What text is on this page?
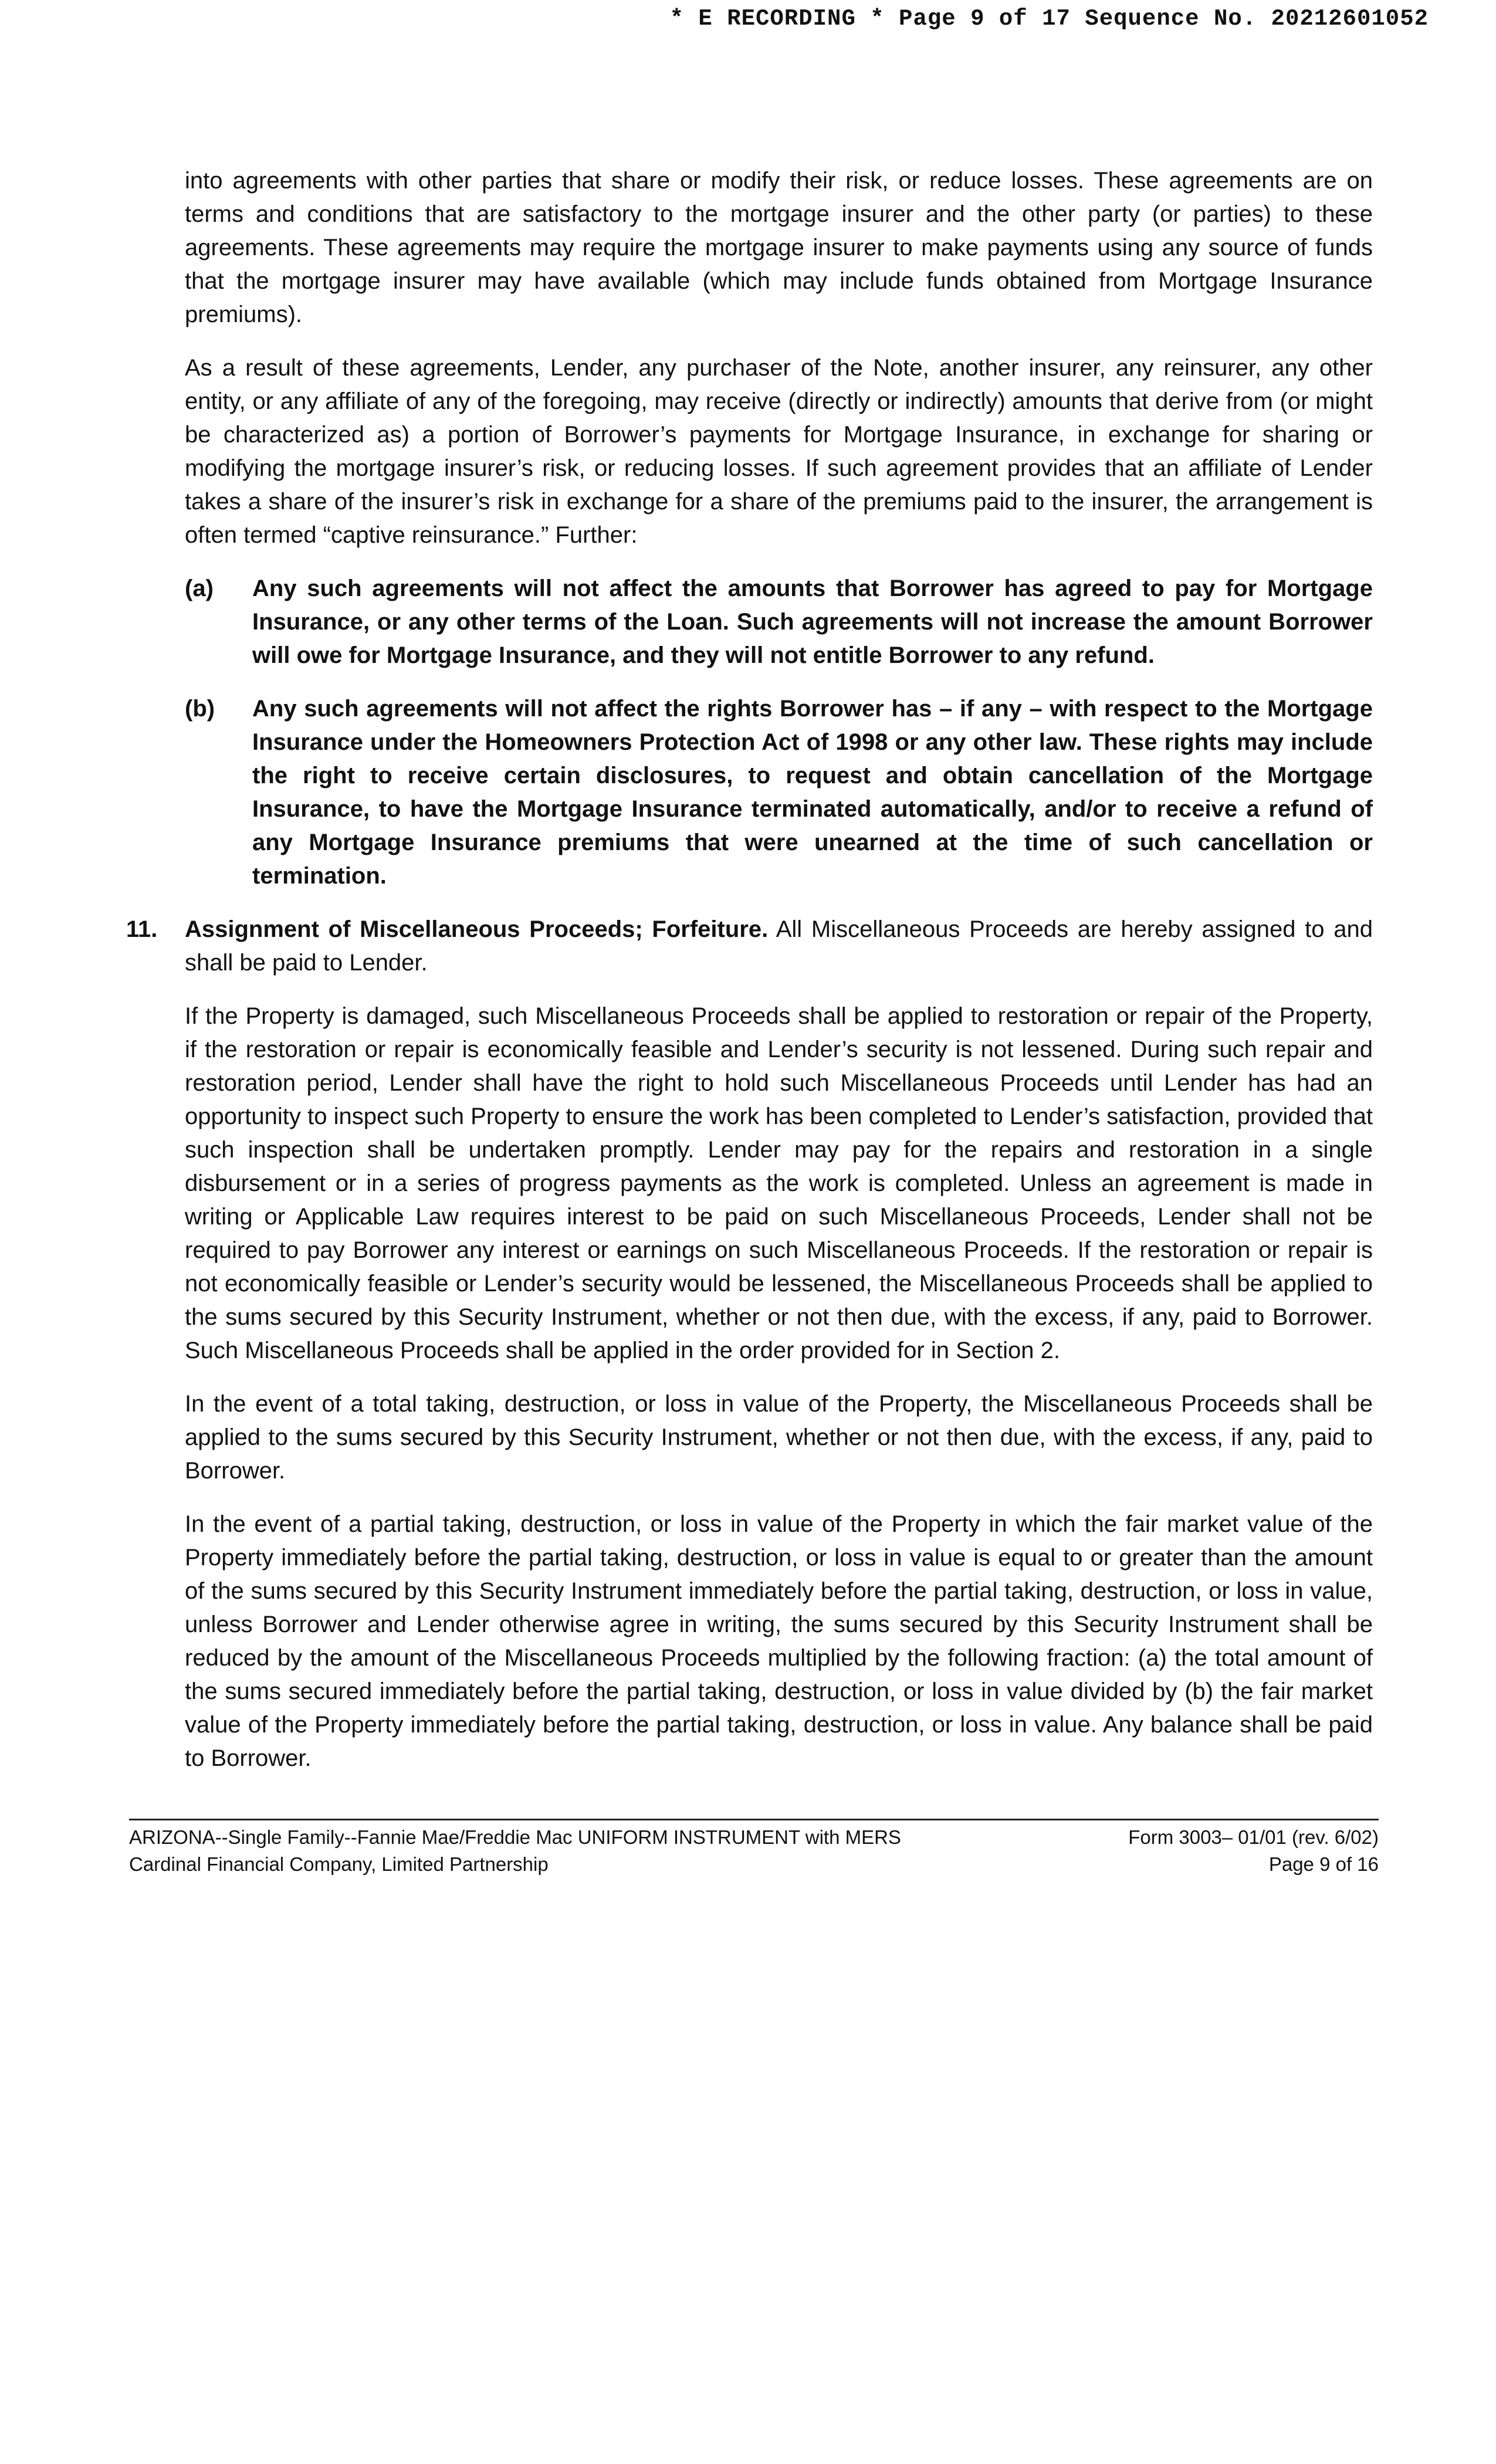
* E RECORDING * Page 9 of 17 Sequence No. 20212601052

into agreements with other parties that share or modify their risk, or reduce losses. These agreements are on terms and conditions that are satisfactory to the mortgage insurer and the other party (or parties) to these agreements. These agreements may require the mortgage insurer to make payments using any source of funds that the mortgage insurer may have available (which may include funds obtained from Mortgage Insurance premiums).

As a result of these agreements, Lender, any purchaser of the Note, another insurer, any reinsurer, any other entity, or any affiliate of any of the foregoing, may receive (directly or indirectly) amounts that derive from (or might be characterized as) a portion of Borrower’s payments for Mortgage Insurance, in exchange for sharing or modifying the mortgage insurer’s risk, or reducing losses. If such agreement provides that an affiliate of Lender takes a share of the insurer’s risk in exchange for a share of the premiums paid to the insurer, the arrangement is often termed “captive reinsurance.” Further:

(a) Any such agreements will not affect the amounts that Borrower has agreed to pay for Mortgage Insurance, or any other terms of the Loan. Such agreements will not increase the amount Borrower will owe for Mortgage Insurance, and they will not entitle Borrower to any refund.
(b) Any such agreements will not affect the rights Borrower has – if any – with respect to the Mortgage Insurance under the Homeowners Protection Act of 1998 or any other law. These rights may include the right to receive certain disclosures, to request and obtain cancellation of the Mortgage Insurance, to have the Mortgage Insurance terminated automatically, and/or to receive a refund of any Mortgage Insurance premiums that were unearned at the time of such cancellation or termination.
11. Assignment of Miscellaneous Proceeds; Forfeiture. All Miscellaneous Proceeds are hereby assigned to and shall be paid to Lender.

If the Property is damaged, such Miscellaneous Proceeds shall be applied to restoration or repair of the Property, if the restoration or repair is economically feasible and Lender’s security is not lessened. During such repair and restoration period, Lender shall have the right to hold such Miscellaneous Proceeds until Lender has had an opportunity to inspect such Property to ensure the work has been completed to Lender’s satisfaction, provided that such inspection shall be undertaken promptly. Lender may pay for the repairs and restoration in a single disbursement or in a series of progress payments as the work is completed. Unless an agreement is made in writing or Applicable Law requires interest to be paid on such Miscellaneous Proceeds, Lender shall not be required to pay Borrower any interest or earnings on such Miscellaneous Proceeds. If the restoration or repair is not economically feasible or Lender’s security would be lessened, the Miscellaneous Proceeds shall be applied to the sums secured by this Security Instrument, whether or not then due, with the excess, if any, paid to Borrower. Such Miscellaneous Proceeds shall be applied in the order provided for in Section 2.

In the event of a total taking, destruction, or loss in value of the Property, the Miscellaneous Proceeds shall be applied to the sums secured by this Security Instrument, whether or not then due, with the excess, if any, paid to Borrower.

In the event of a partial taking, destruction, or loss in value of the Property in which the fair market value of the Property immediately before the partial taking, destruction, or loss in value is equal to or greater than the amount of the sums secured by this Security Instrument immediately before the partial taking, destruction, or loss in value, unless Borrower and Lender otherwise agree in writing, the sums secured by this Security Instrument shall be reduced by the amount of the Miscellaneous Proceeds multiplied by the following fraction: (a) the total amount of the sums secured immediately before the partial taking, destruction, or loss in value divided by (b) the fair market value of the Property immediately before the partial taking, destruction, or loss in value. Any balance shall be paid to Borrower.

ARIZONA--Single Family--Fannie Mae/Freddie Mac UNIFORM INSTRUMENT with MERS	Form 3003– 01/01 (rev. 6/02)
Cardinal Financial Company, Limited Partnership	Page 9 of 16
